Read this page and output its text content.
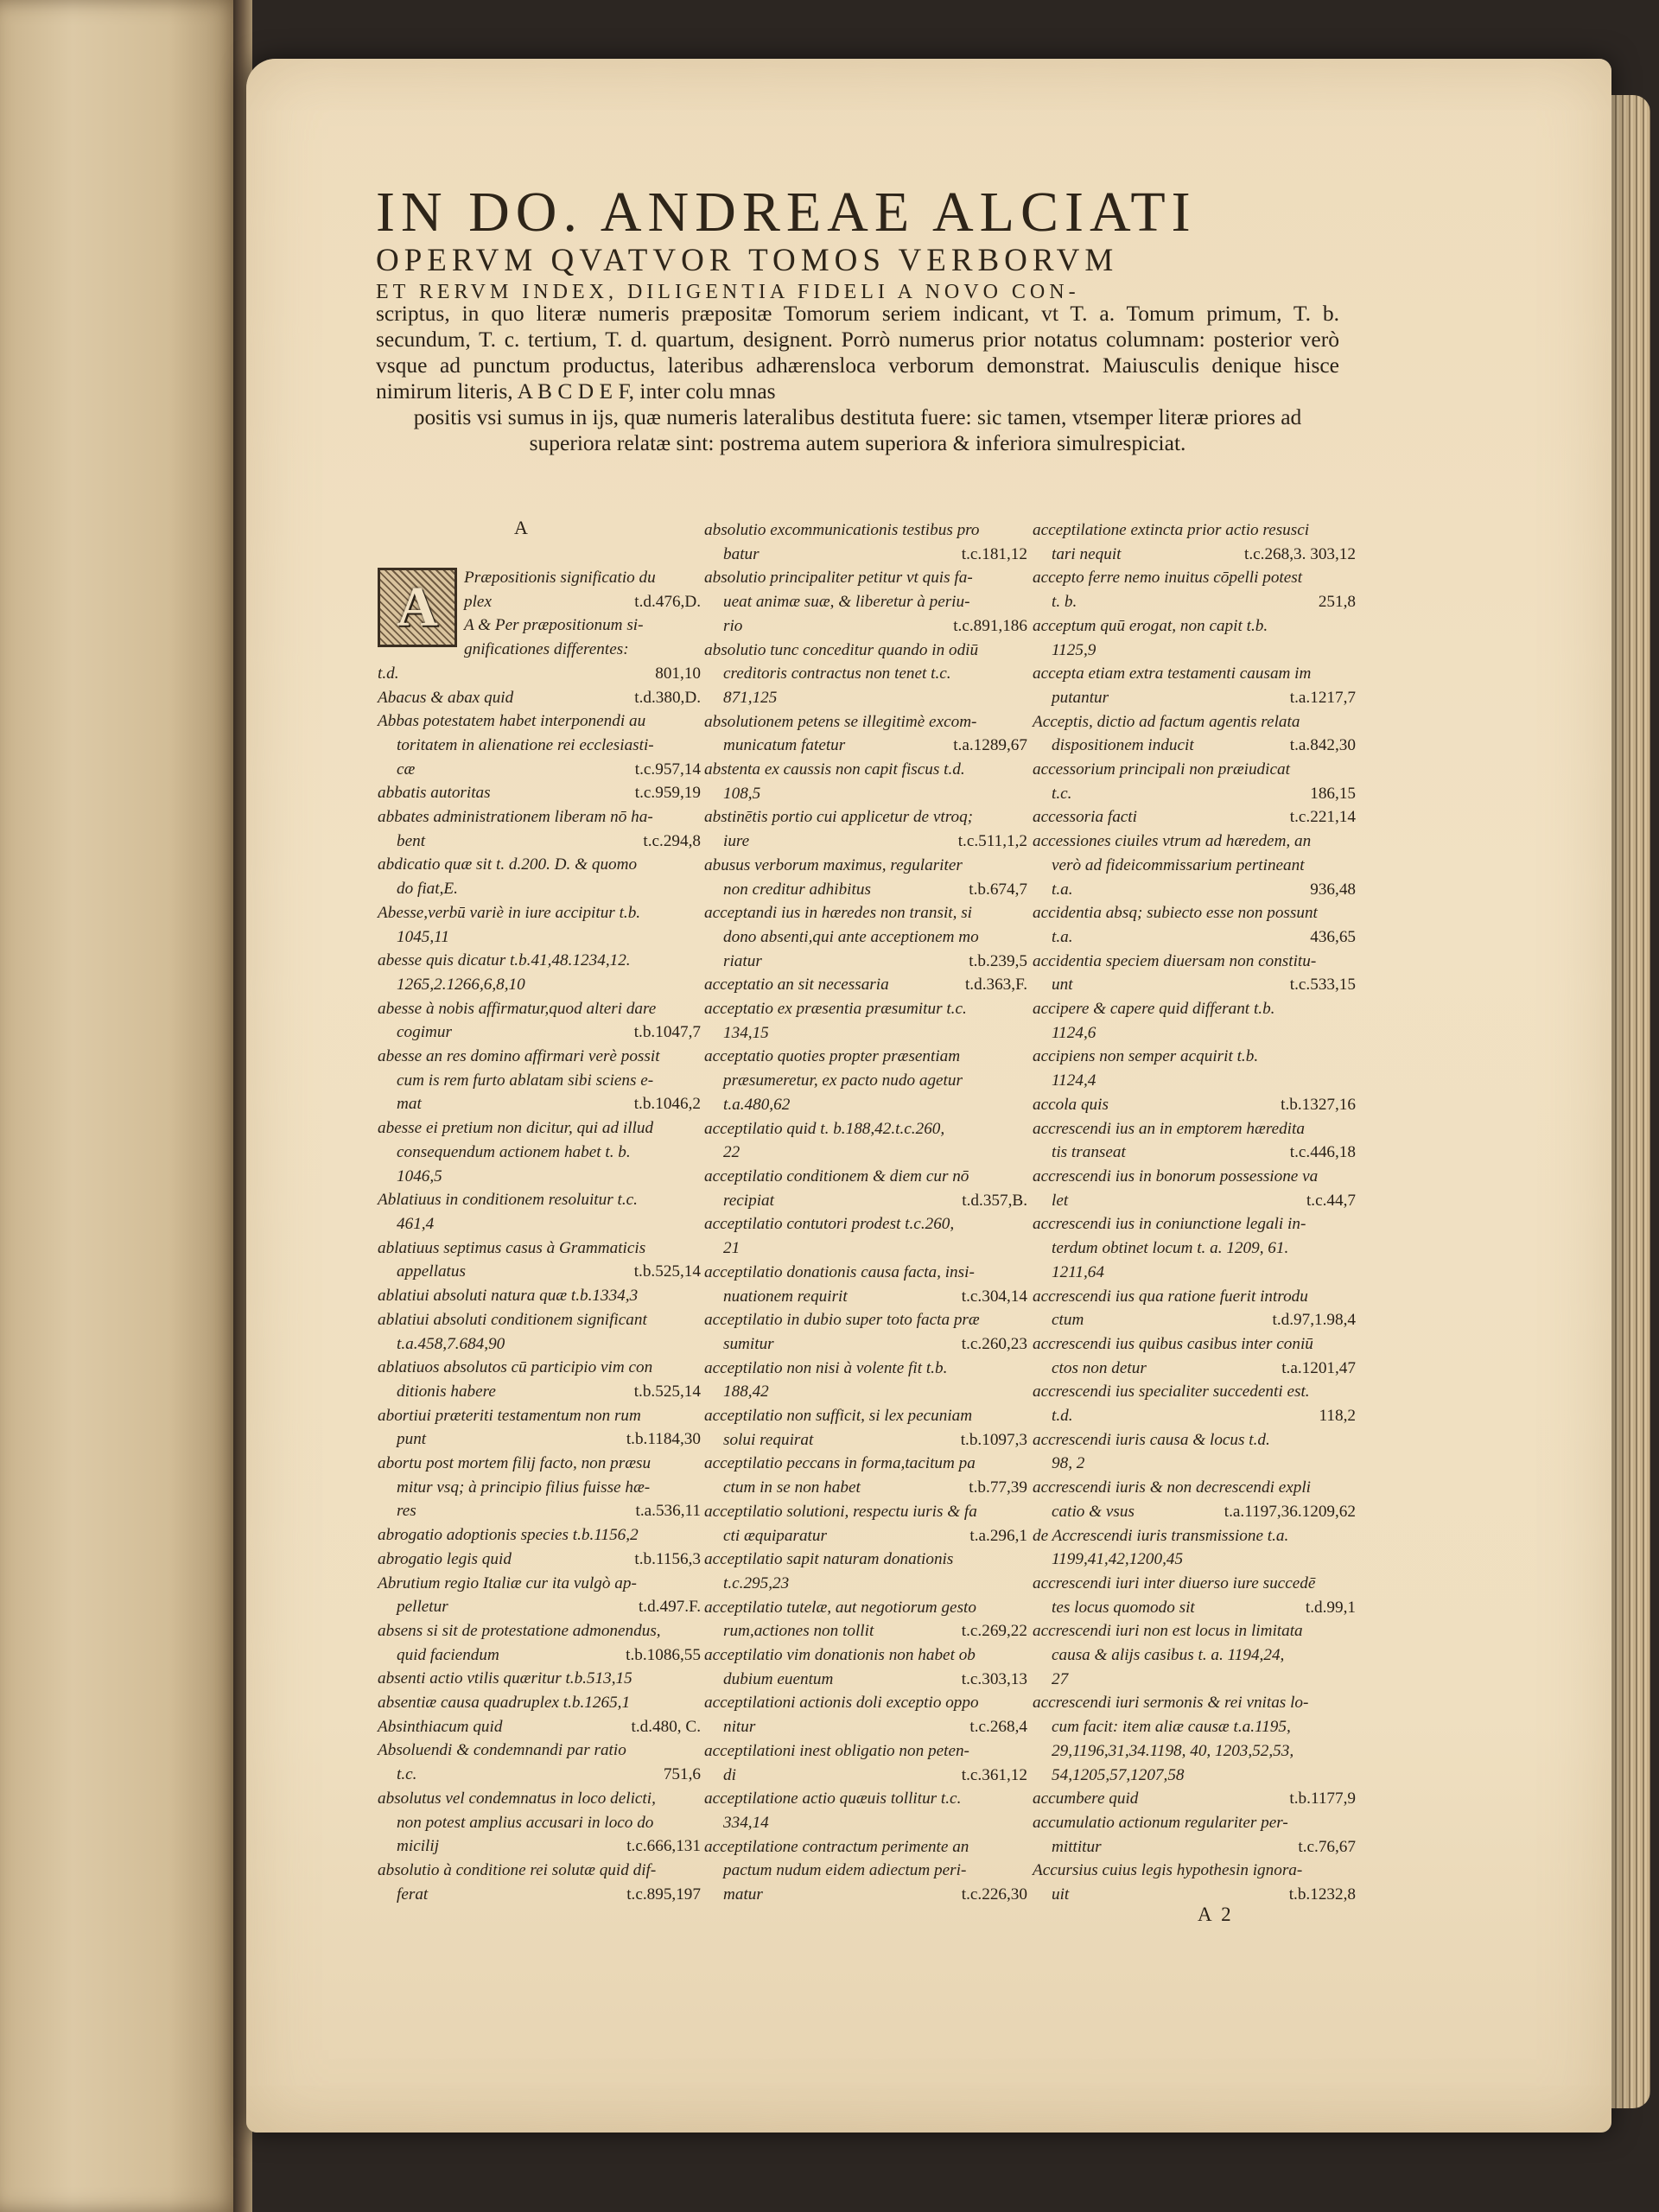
IN DO. ANDREAE ALCIATI
OPERVM QVATVOR TOMOS VERBORVM
ET RERVM INDEX, DILIGENTIA FIDELI A NOVO CON-
scriptus, in quo literæ numeris præpositæ Tomorum seriem indicant, vt T. a. Tomum primum, T. b. secundum, T. c. tertium, T. d. quartum, designent. Porrò numerus prior notatus columnam: posterior verò vsque ad punctum productus, lateribus adhærensloca verborum demonstrat. Maiusculis denique hisce nimirum literis, A B C D E F, inter colu mnas
positis vsi sumus in ijs, quæ numeris lateralibus destituta fuere: sic tamen, vtsemper literæ priores ad superiora relatæ sint: postrema autem superiora & inferiora simulrespiciat.
A
A	Præpositionis significatio du
plex	t.d.476,D.
A & Per præpositionum si-
gnificationes differentes:
t.d.	801,10
Abacus & abax quid	t.d.380,D.
Abbas potestatem habet interponendi au
toritatem in alienatione rei ecclesiasti-
cæ	t.c.957,14
abbatis autoritas	t.c.959,19
abbates administrationem liberam nō ha-
bent	t.c.294,8
abdicatio quæ sit t. d.200. D. & quomo
do fiat,E.
Abesse,verbū variè in iure accipitur t.b.
1045,11
abesse quis dicatur t.b.41,48.1234,12.
1265,2.1266,6,8,10
abesse à nobis affirmatur,quod alteri dare
cogimur	t.b.1047,7
abesse an res domino affirmari verè possit
cum is rem furto ablatam sibi sciens e-
mat	t.b.1046,2
abesse ei pretium non dicitur, qui ad illud
consequendum actionem habet t. b.
1046,5
Ablatiuus in conditionem resoluitur t.c.
461,4
ablatiuus septimus casus à Grammaticis
appellatus	t.b.525,14
ablatiui absoluti natura quæ t.b.1334,3
ablatiui absoluti conditionem significant
t.a.458,7.684,90
ablatiuos absolutos cū participio vim con
ditionis habere	t.b.525,14
abortiui præteriti testamentum non rum
punt	t.b.1184,30
abortu post mortem filij facto, non præsu
mitur vsq; à principio filius fuisse hæ-
res	t.a.536,11
abrogatio adoptionis species t.b.1156,2
abrogatio legis quid	t.b.1156,3
Abrutium regio Italiæ cur ita vulgò ap-
pelletur	t.d.497.F.
absens si sit de protestatione admonendus,
quid faciendum	t.b.1086,55
absenti actio vtilis quæritur t.b.513,15
absentiæ causa quadruplex t.b.1265,1
Absinthiacum quid	t.d.480, C.
Absoluendi & condemnandi par ratio
t.c.	751,6
absolutus vel condemnatus in loco delicti,
non potest amplius accusari in loco do
micilij	t.c.666,131
absolutio à conditione rei solutæ quid dif-
ferat	t.c.895,197
absolutio excommunicationis testibus pro
batur	t.c.181,12
absolutio principaliter petitur vt quis fa-
ueat animæ suæ, & liberetur à periu-
rio	t.c.891,186
absolutio tunc conceditur quando in odiū
creditoris contractus non tenet t.c.
871,125
absolutionem petens se illegitimè excom-
municatum fatetur	t.a.1289,67
abstenta ex caussis non capit fiscus t.d.
108,5
abstinētis portio cui applicetur de vtroq;
iure	t.c.511,1,2
abusus verborum maximus, regulariter
non creditur adhibitus	t.b.674,7
acceptandi ius in hæredes non transit, si
dono absenti,qui ante acceptionem mo
riatur	t.b.239,5
acceptatio an sit necessaria	t.d.363,F.
acceptatio ex præsentia præsumitur t.c.
134,15
acceptatio quoties propter præsentiam
præsumeretur, ex pacto nudo agetur
t.a.480,62
acceptilatio quid t. b.188,42.t.c.260,
22
acceptilatio conditionem & diem cur nō
recipiat	t.d.357,B.
acceptilatio contutori prodest t.c.260,
21
acceptilatio donationis causa facta, insi-
nuationem requirit	t.c.304,14
acceptilatio in dubio super toto facta præ
sumitur	t.c.260,23
acceptilatio non nisi à volente fit t.b.
188,42
acceptilatio non sufficit, si lex pecuniam
solui requirat	t.b.1097,3
acceptilatio peccans in forma,tacitum pa
ctum in se non habet	t.b.77,39
acceptilatio solutioni, respectu iuris & fa
cti æquiparatur	t.a.296,1
acceptilatio sapit naturam donationis
t.c.295,23
acceptilatio tutelæ, aut negotiorum gesto
rum,actiones non tollit	t.c.269,22
acceptilatio vim donationis non habet ob
dubium euentum	t.c.303,13
acceptilationi actionis doli exceptio oppo
nitur	t.c.268,4
acceptilationi inest obligatio non peten-
di	t.c.361,12
acceptilatione actio quæuis tollitur t.c.
334,14
acceptilatione contractum perimente an
pactum nudum eidem adiectum peri-
matur	t.c.226,30
acceptilatione extincta prior actio resusci
tari nequit	t.c.268,3. 303,12
accepto ferre nemo inuitus cōpelli potest
t. b.	251,8
acceptum quū erogat, non capit t.b.
1125,9
accepta etiam extra testamenti causam im
putantur	t.a.1217,7
Acceptis, dictio ad factum agentis relata
dispositionem inducit	t.a.842,30
accessorium principali non præiudicat
t.c.	186,15
accessoria facti	t.c.221,14
accessiones ciuiles vtrum ad hæredem, an
verò ad fideicommissarium pertineant
t.a.	936,48
accidentia absq; subiecto esse non possunt
t.a.	436,65
accidentia speciem diuersam non constitu-
unt	t.c.533,15
accipere & capere quid differant t.b.
1124,6
accipiens non semper acquirit t.b.
1124,4
accola quis	t.b.1327,16
accrescendi ius an in emptorem hæredita
tis transeat	t.c.446,18
accrescendi ius in bonorum possessione va
let	t.c.44,7
accrescendi ius in coniunctione legali in-
terdum obtinet locum t. a. 1209, 61.
1211,64
accrescendi ius qua ratione fuerit introdu
ctum	t.d.97,1.98,4
accrescendi ius quibus casibus inter coniū
ctos non detur	t.a.1201,47
accrescendi ius specialiter succedenti est.
t.d.	118,2
accrescendi iuris causa & locus t.d.
98, 2
accrescendi iuris & non decrescendi expli
catio & vsus	t.a.1197,36.1209,62
de Accrescendi iuris transmissione t.a.
1199,41,42,1200,45
accrescendi iuri inter diuerso iure succedē
tes locus quomodo sit	t.d.99,1
accrescendi iuri non est locus in limitata
causa & alijs casibus t. a. 1194,24,
27
accrescendi iuri sermonis & rei vnitas lo-
cum facit: item aliæ causæ t.a.1195,
29,1196,31,34.1198, 40, 1203,52,53,
54,1205,57,1207,58
accumbere quid	t.b.1177,9
accumulatio actionum regulariter per-
mittitur	t.c.76,67
Accursius cuius legis hypothesin ignora-
uit	t.b.1232,8
A 2
